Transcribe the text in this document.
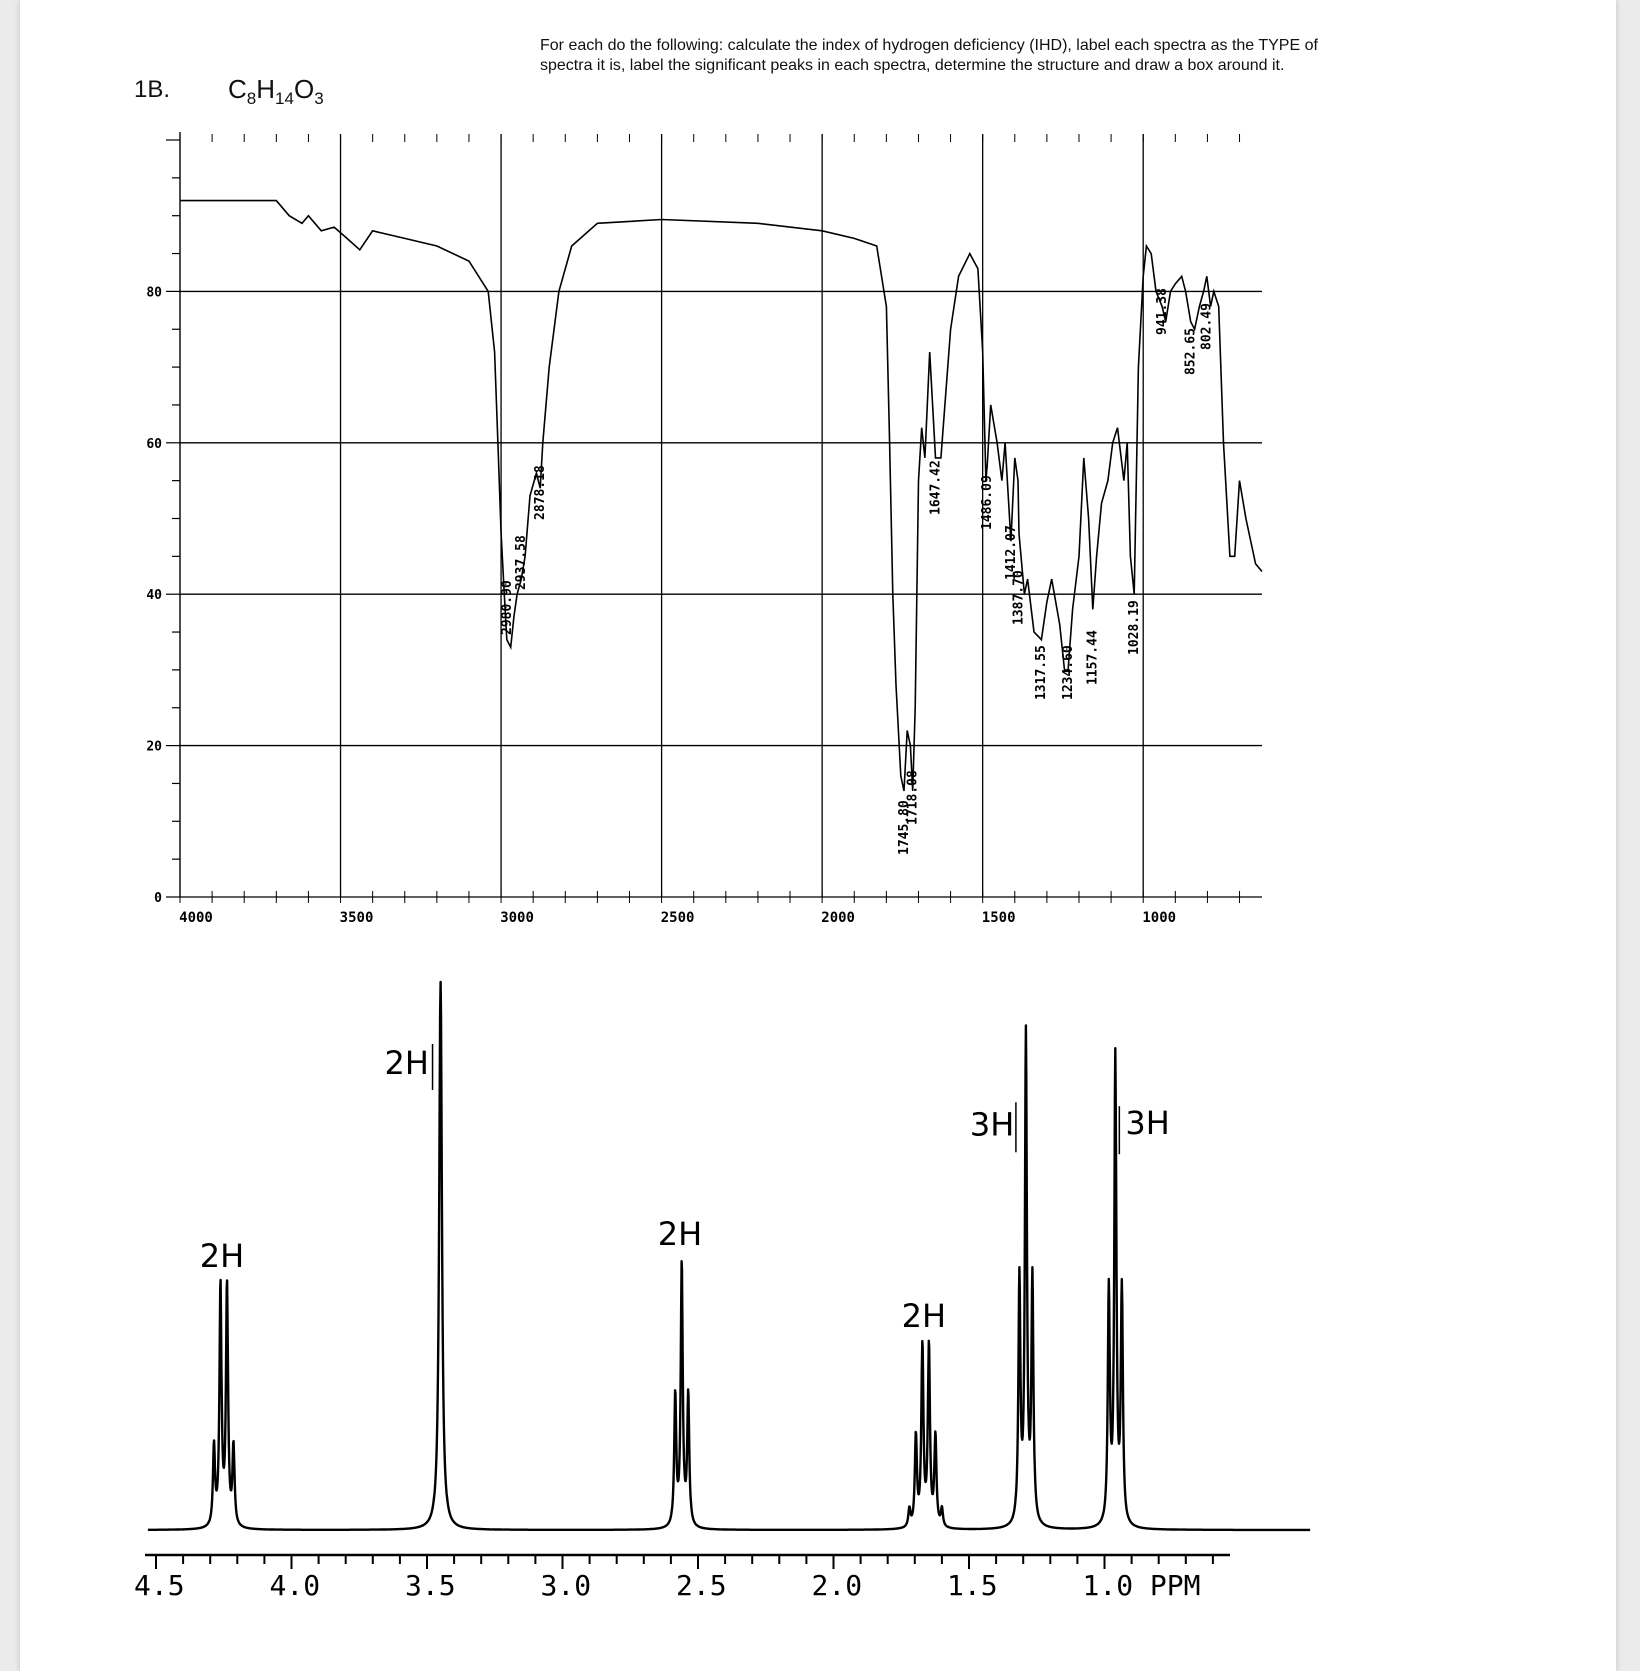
For each do the following: calculate the index of hydrogen deficiency (IHD), label each spectra as the TYPE of
spectra it is, label the significant peaks in each spectra, determine the structure and draw a box around it.
1B. $C_8H_{14}O_3$
0
20
40
60
80
4000	3500	3000	2500	2000	1500	1000
2980.90
2937.58
2878.18
1745.80
1718.08
1647.42	1486.09
1412.07
1387.70
1317.55 1234.60 1157.44
1028.19
941.38
852.65
802.49
4.5	4.0	3.5	3.0	2.5	2.0	1.5	1.0 PPM
2H
2H
2H
2H
3H	3H
